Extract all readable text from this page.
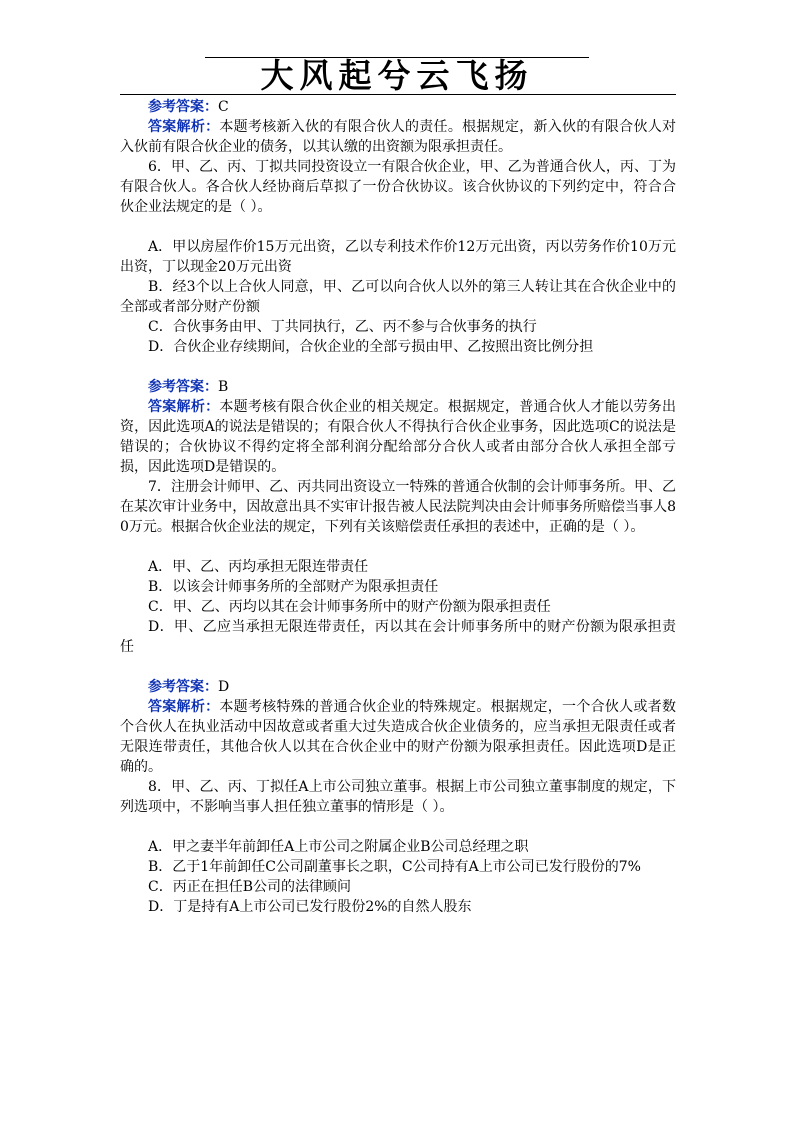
大风起兮云飞扬

参考答案：C

答案解析：本题考核新入伙的有限合伙人的责任。根据规定，新入伙的有限合伙人对入伙前有限合伙企业的债务，以其认缴的出资额为限承担责任。

6．甲、乙、丙、丁拟共同投资设立一有限合伙企业，甲、乙为普通合伙人，丙、丁为有限合伙人。各合伙人经协商后草拟了一份合伙协议。该合伙协议的下列约定中，符合合伙企业法规定的是（ ）。

A．甲以房屋作价15万元出资，乙以专利技术作价12万元出资，丙以劳务作价10万元出资，丁以现金20万元出资

B．经3个以上合伙人同意，甲、乙可以向合伙人以外的第三人转让其在合伙企业中的全部或者部分财产份额

C．合伙事务由甲、丁共同执行，乙、丙不参与合伙事务的执行

D．合伙企业存续期间，合伙企业的全部亏损由甲、乙按照出资比例分担

参考答案：B

答案解析：本题考核有限合伙企业的相关规定。根据规定，普通合伙人才能以劳务出资，因此选项A的说法是错误的；有限合伙人不得执行合伙企业事务，因此选项C的说法是错误的；合伙协议不得约定将全部利润分配给部分合伙人或者由部分合伙人承担全部亏损，因此选项D是错误的。

7．注册会计师甲、乙、丙共同出资设立一特殊的普通合伙制的会计师事务所。甲、乙在某次审计业务中，因故意出具不实审计报告被人民法院判决由会计师事务所赔偿当事人80万元。根据合伙企业法的规定，下列有关该赔偿责任承担的表述中，正确的是（ ）。

A．甲、乙、丙均承担无限连带责任

B．以该会计师事务所的全部财产为限承担责任

C．甲、乙、丙均以其在会计师事务所中的财产份额为限承担责任

D．甲、乙应当承担无限连带责任，丙以其在会计师事务所中的财产份额为限承担责任

参考答案：D

答案解析：本题考核特殊的普通合伙企业的特殊规定。根据规定，一个合伙人或者数个合伙人在执业活动中因故意或者重大过失造成合伙企业债务的，应当承担无限责任或者无限连带责任，其他合伙人以其在合伙企业中的财产份额为限承担责任。因此选项D是正确的。

8．甲、乙、丙、丁拟任A上市公司独立董事。根据上市公司独立董事制度的规定，下列选项中，不影响当事人担任独立董事的情形是（ ）。

A．甲之妻半年前卸任A上市公司之附属企业B公司总经理之职

B．乙于1年前卸任C公司副董事长之职，C公司持有A上市公司已发行股份的7%

C．丙正在担任B公司的法律顾问

D．丁是持有A上市公司已发行股份2%的自然人股东
